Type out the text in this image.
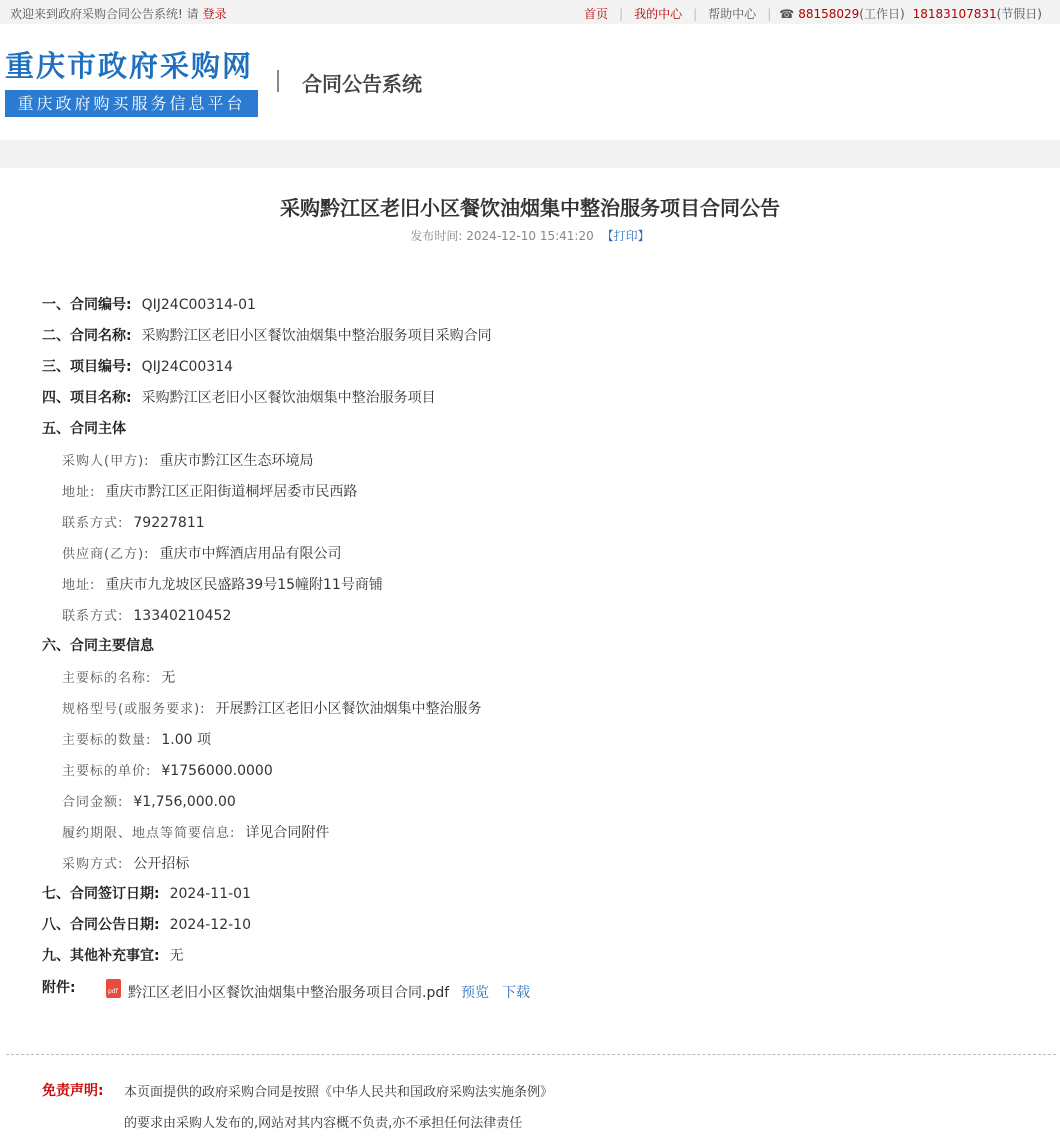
欢迎来到政府采购合同公告系统! 请 登录	首页 | 我的中心 | 帮助中心 | ☎ 88158029 (工作日) 18183107831 (节假日)
重庆市政府采购网
重庆政府购买服务信息平台
合同公告系统
采购黔江区老旧小区餐饮油烟集中整治服务项目合同公告
发布时间: 2024-12-10 15:41:20 【打印】
一、合同编号: QIJ24C00314-01
二、合同名称: 采购黔江区老旧小区餐饮油烟集中整治服务项目采购合同
三、项目编号: QIJ24C00314
四、项目名称: 采购黔江区老旧小区餐饮油烟集中整治服务项目
五、合同主体
采购人(甲方): 重庆市黔江区生态环境局
地址: 重庆市黔江区正阳街道桐坪居委市民西路
联系方式: 79227811
供应商(乙方): 重庆市中辉酒店用品有限公司
地址: 重庆市九龙坡区民盛路39号15幢附11号商铺
联系方式: 13340210452
六、合同主要信息
主要标的名称: 无
规格型号(或服务要求): 开展黔江区老旧小区餐饮油烟集中整治服务
主要标的数量: 1.00 项
主要标的单价: ¥1756000.0000
合同金额: ¥1,756,000.00
履约期限、地点等简要信息: 详见合同附件
采购方式: 公开招标
七、合同签订日期: 2024-11-01
八、合同公告日期: 2024-12-10
九、其他补充事宜: 无
附件:
pdf	黔江区老旧小区餐饮油烟集中整治服务项目合同.pdf 预览 下载
免责声明: 本页面提供的政府采购合同是按照《中华人民共和国政府采购法实施条例》
的要求由采购人发布的,网站对其内容概不负责,亦不承担任何法律责任
